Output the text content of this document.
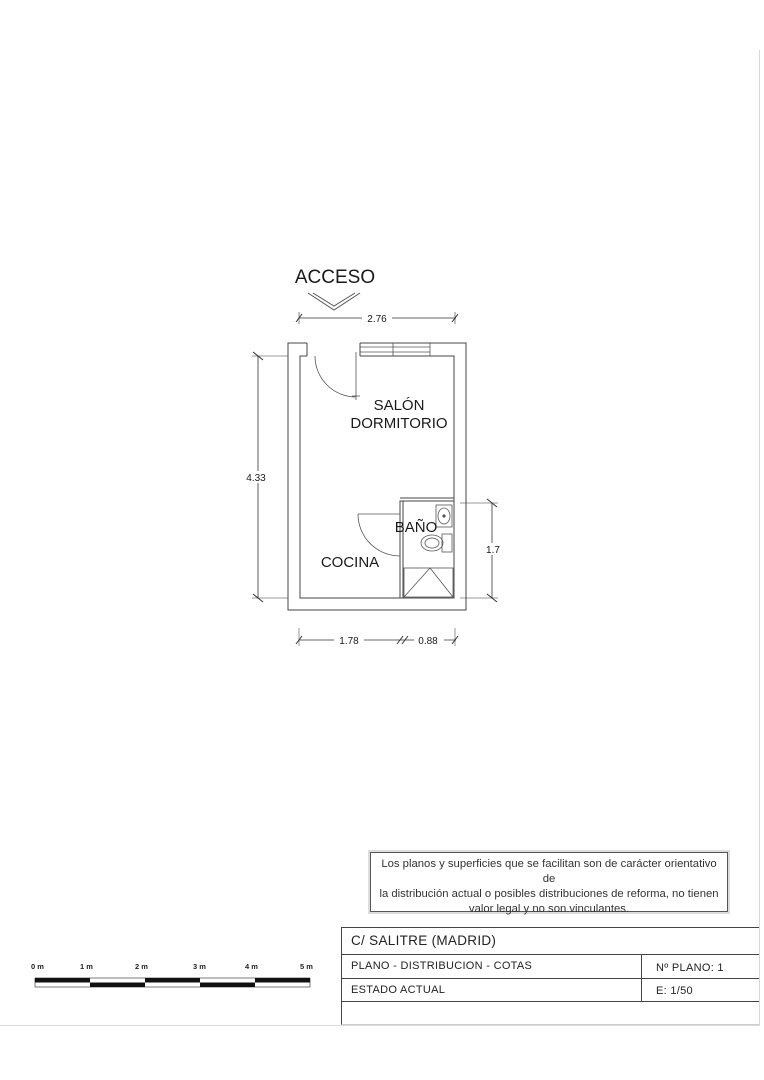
ACCESO
2.76
4.33
1.7
1.78	0.88
SALÓN
DORMITORIO
BAÑO
COCINA
0 m	1 m	2 m	3 m	4 m	5 m
Los planos y superficies que se facilitan son de carácter orientativo de
la distribución actual o posibles distribuciones de reforma, no tienen
valor legal y no son vinculantes.
C/ SALITRE (MADRID)
PLANO - DISTRIBUCION - COTAS	Nº PLANO: 1
ESTADO ACTUAL	E: 1/50
